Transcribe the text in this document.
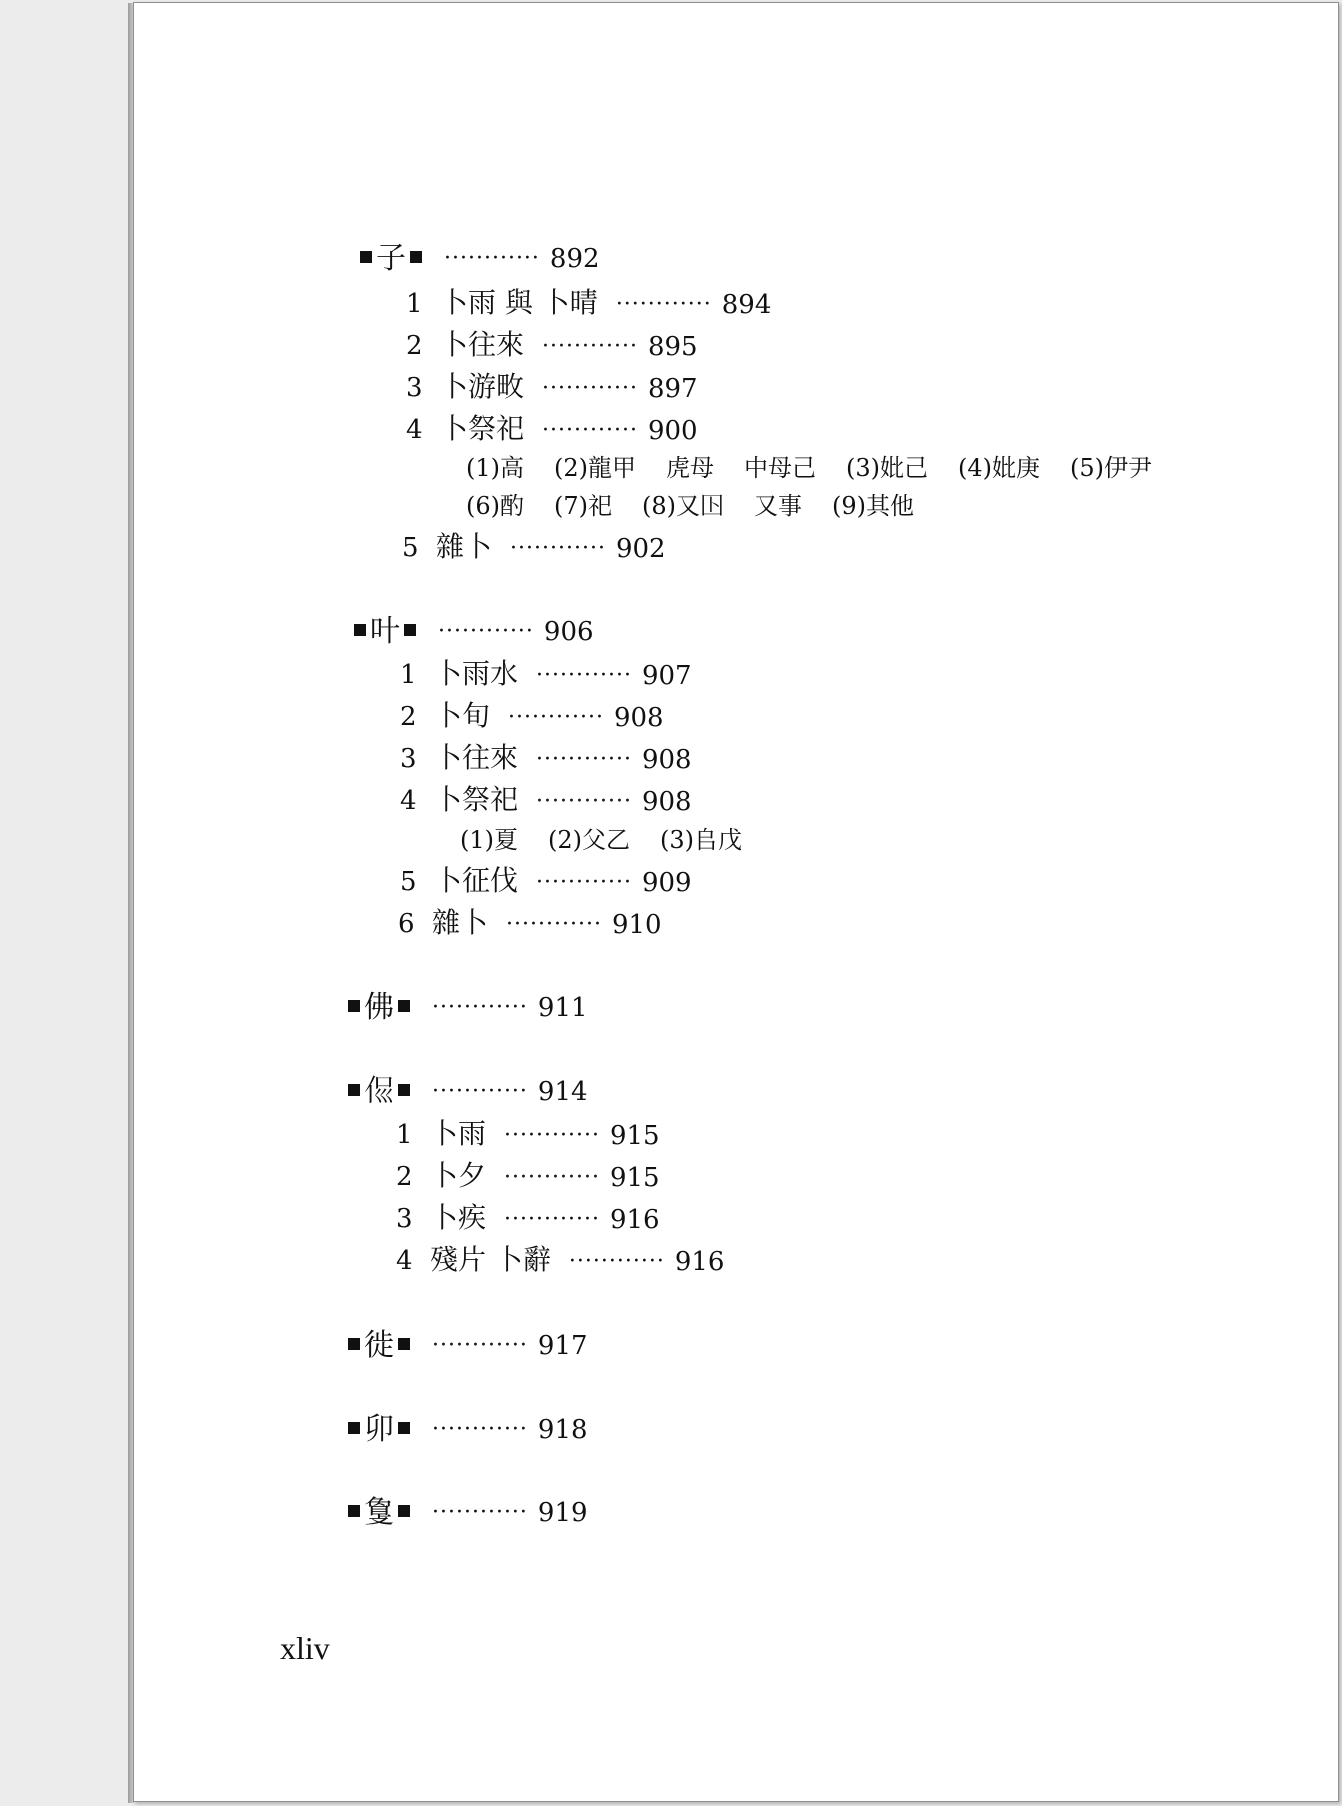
子 ············ 892
1 卜雨 與 卜晴 ············ 894
2 卜往來 ············ 895
3 卜游畋 ············ 897
4 卜祭祀 ············ 900
(1)高 (2)龍甲 虎母 中母己 (3)妣己 (4)妣庚 (5)伊尹
(6)酌 (7)祀 (8)又𡆥 又事 (9)其他
5 雜卜 ············ 902
叶 ············ 906
1 卜雨水 ············ 907
2 卜旬 ············ 908
3 卜往來 ············ 908
4 卜祭祀 ············ 908
(1)夏 (2)父乙 (3)𠂤戊
5 卜征伐 ············ 909
6 雜卜 ············ 910
佛 ············ 911
𠈉 ············ 914
1 卜雨 ············ 915
2 卜夕 ············ 915
3 卜疾 ············ 916
4 殘片 卜辭 ············ 916
徙 ············ 917
卯 ············ 918
𢿌 ············ 919
xliv
